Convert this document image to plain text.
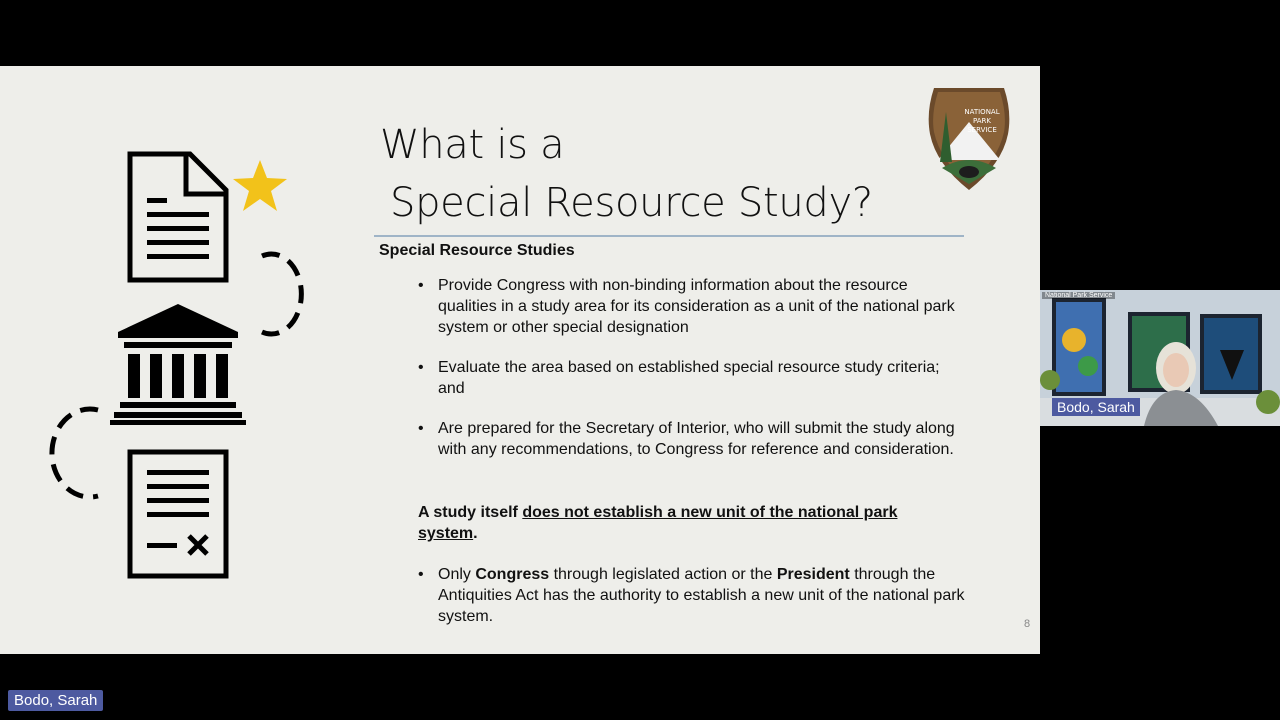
What is a
Special Resource Study?
NATIONAL
PARK
SERVICE
Special Resource Studies
• Provide Congress with non-binding information about the resource qualities in a study area for its consideration as a unit of the national park system or other special designation
• Evaluate the area based on established special resource study criteria; and
• Are prepared for the Secretary of Interior, who will submit the study along with any recommendations, to Congress for reference and consideration.
A study itself does not establish a new unit of the national park system.
• Only Congress through legislated action or the President through the Antiquities Act has the authority to establish a new unit of the national park system.	8
National Park Service
Bodo, Sarah
Bodo, Sarah
